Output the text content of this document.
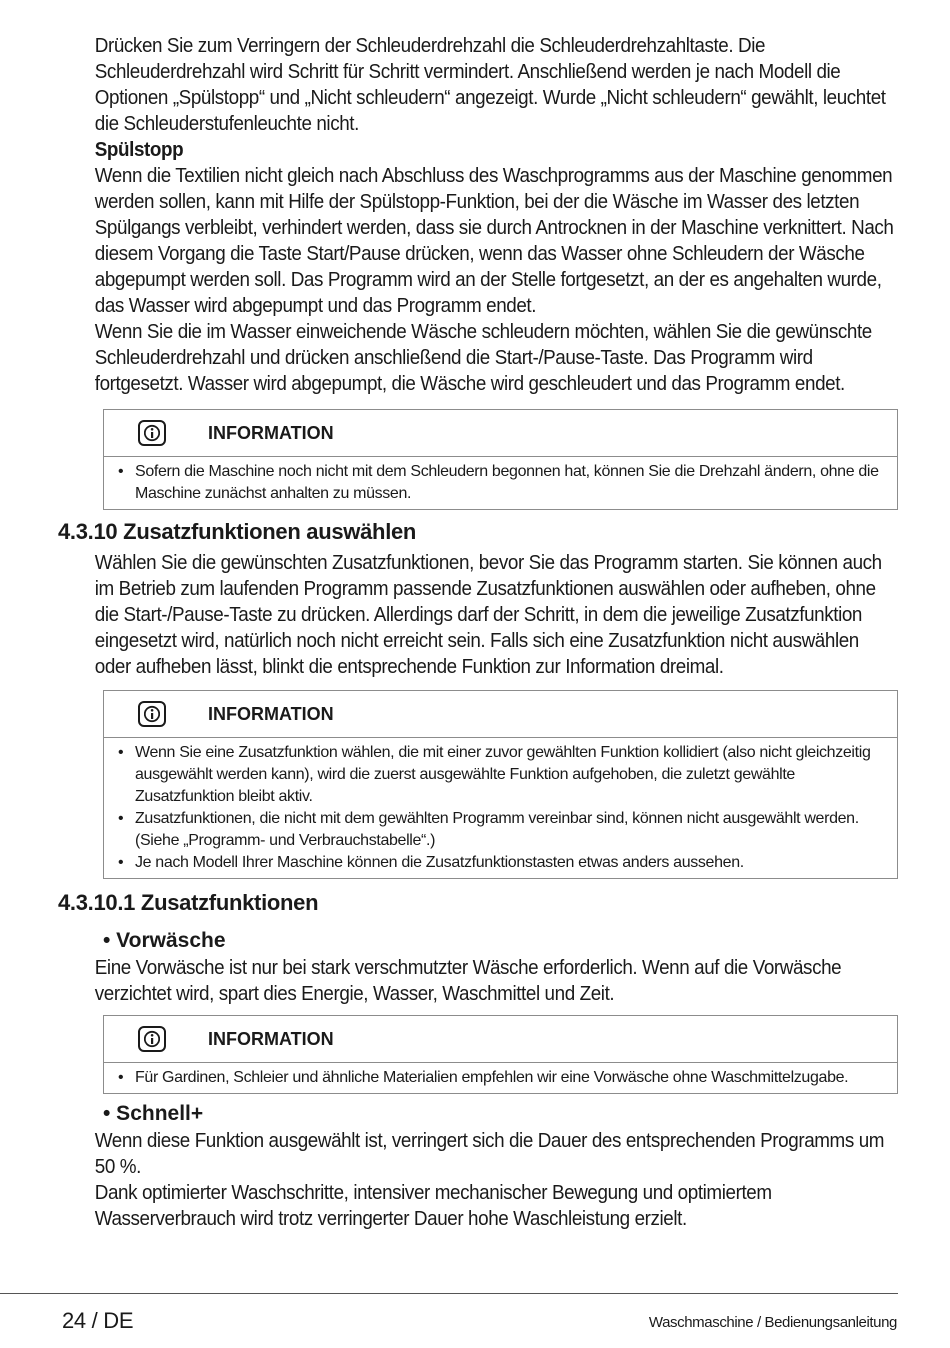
Drücken Sie zum Verringern der Schleuderdrehzahl die Schleuderdrehzahltaste. Die Schleuderdrehzahl wird Schritt für Schritt vermindert. Anschließend werden je nach Modell die Optionen „Spülstopp“ und „Nicht schleudern“ angezeigt. Wurde „Nicht schleudern“ gewählt, leuchtet die Schleuderstufenleuchte nicht.

Spülstopp

Wenn die Textilien nicht gleich nach Abschluss des Waschprogramms aus der Maschine genommen werden sollen, kann mit Hilfe der Spülstopp-Funktion, bei der die Wäsche im Wasser des letzten Spülgangs verbleibt, verhindert werden, dass sie durch Antrocknen in der Maschine verknittert. Nach diesem Vorgang die Taste Start/Pause drücken, wenn das Wasser ohne Schleudern der Wäsche abgepumpt werden soll. Das Programm wird an der Stelle fortgesetzt, an der es angehalten wurde, das Wasser wird abgepumpt und das Programm endet.

Wenn Sie die im Wasser einweichende Wäsche schleudern möchten, wählen Sie die gewünschte Schleuderdrehzahl und drücken anschließend die Start-/Pause-Taste. Das Programm wird fortgesetzt. Wasser wird abgepumpt, die Wäsche wird geschleudert und das Programm endet.

INFORMATION
• Sofern die Maschine noch nicht mit dem Schleudern begonnen hat, können Sie die Drehzahl ändern, ohne die Maschine zunächst anhalten zu müssen.

4.3.10 Zusatzfunktionen auswählen

Wählen Sie die gewünschten Zusatzfunktionen, bevor Sie das Programm starten. Sie können auch im Betrieb zum laufenden Programm passende Zusatzfunktionen auswählen oder aufheben, ohne die Start-/Pause-Taste zu drücken. Allerdings darf der Schritt, in dem die jeweilige Zusatzfunktion eingesetzt wird, natürlich noch nicht erreicht sein. Falls sich eine Zusatzfunktion nicht auswählen oder aufheben lässt, blinkt die entsprechende Funktion zur Information dreimal.

INFORMATION
• Wenn Sie eine Zusatzfunktion wählen, die mit einer zuvor gewählten Funktion kollidiert (also nicht gleichzeitig ausgewählt werden kann), wird die zuerst ausgewählte Funktion aufgehoben, die zuletzt gewählte Zusatzfunktion bleibt aktiv.
• Zusatzfunktionen, die nicht mit dem gewählten Programm vereinbar sind, können nicht ausgewählt werden. (Siehe „Programm- und Verbrauchstabelle“.)
• Je nach Modell Ihrer Maschine können die Zusatzfunktionstasten etwas anders aussehen.

4.3.10.1 Zusatzfunktionen

• Vorwäsche

Eine Vorwäsche ist nur bei stark verschmutzter Wäsche erforderlich. Wenn auf die Vorwäsche verzichtet wird, spart dies Energie, Wasser, Waschmittel und Zeit.

INFORMATION
• Für Gardinen, Schleier und ähnliche Materialien empfehlen wir eine Vorwäsche ohne Waschmittelzugabe.

• Schnell+

Wenn diese Funktion ausgewählt ist, verringert sich die Dauer des entsprechenden Programms um 50 %.

Dank optimierter Waschschritte, intensiver mechanischer Bewegung und optimiertem Wasserverbrauch wird trotz verringerter Dauer hohe Waschleistung erzielt.

24 / DE	Waschmaschine / Bedienungsanleitung
